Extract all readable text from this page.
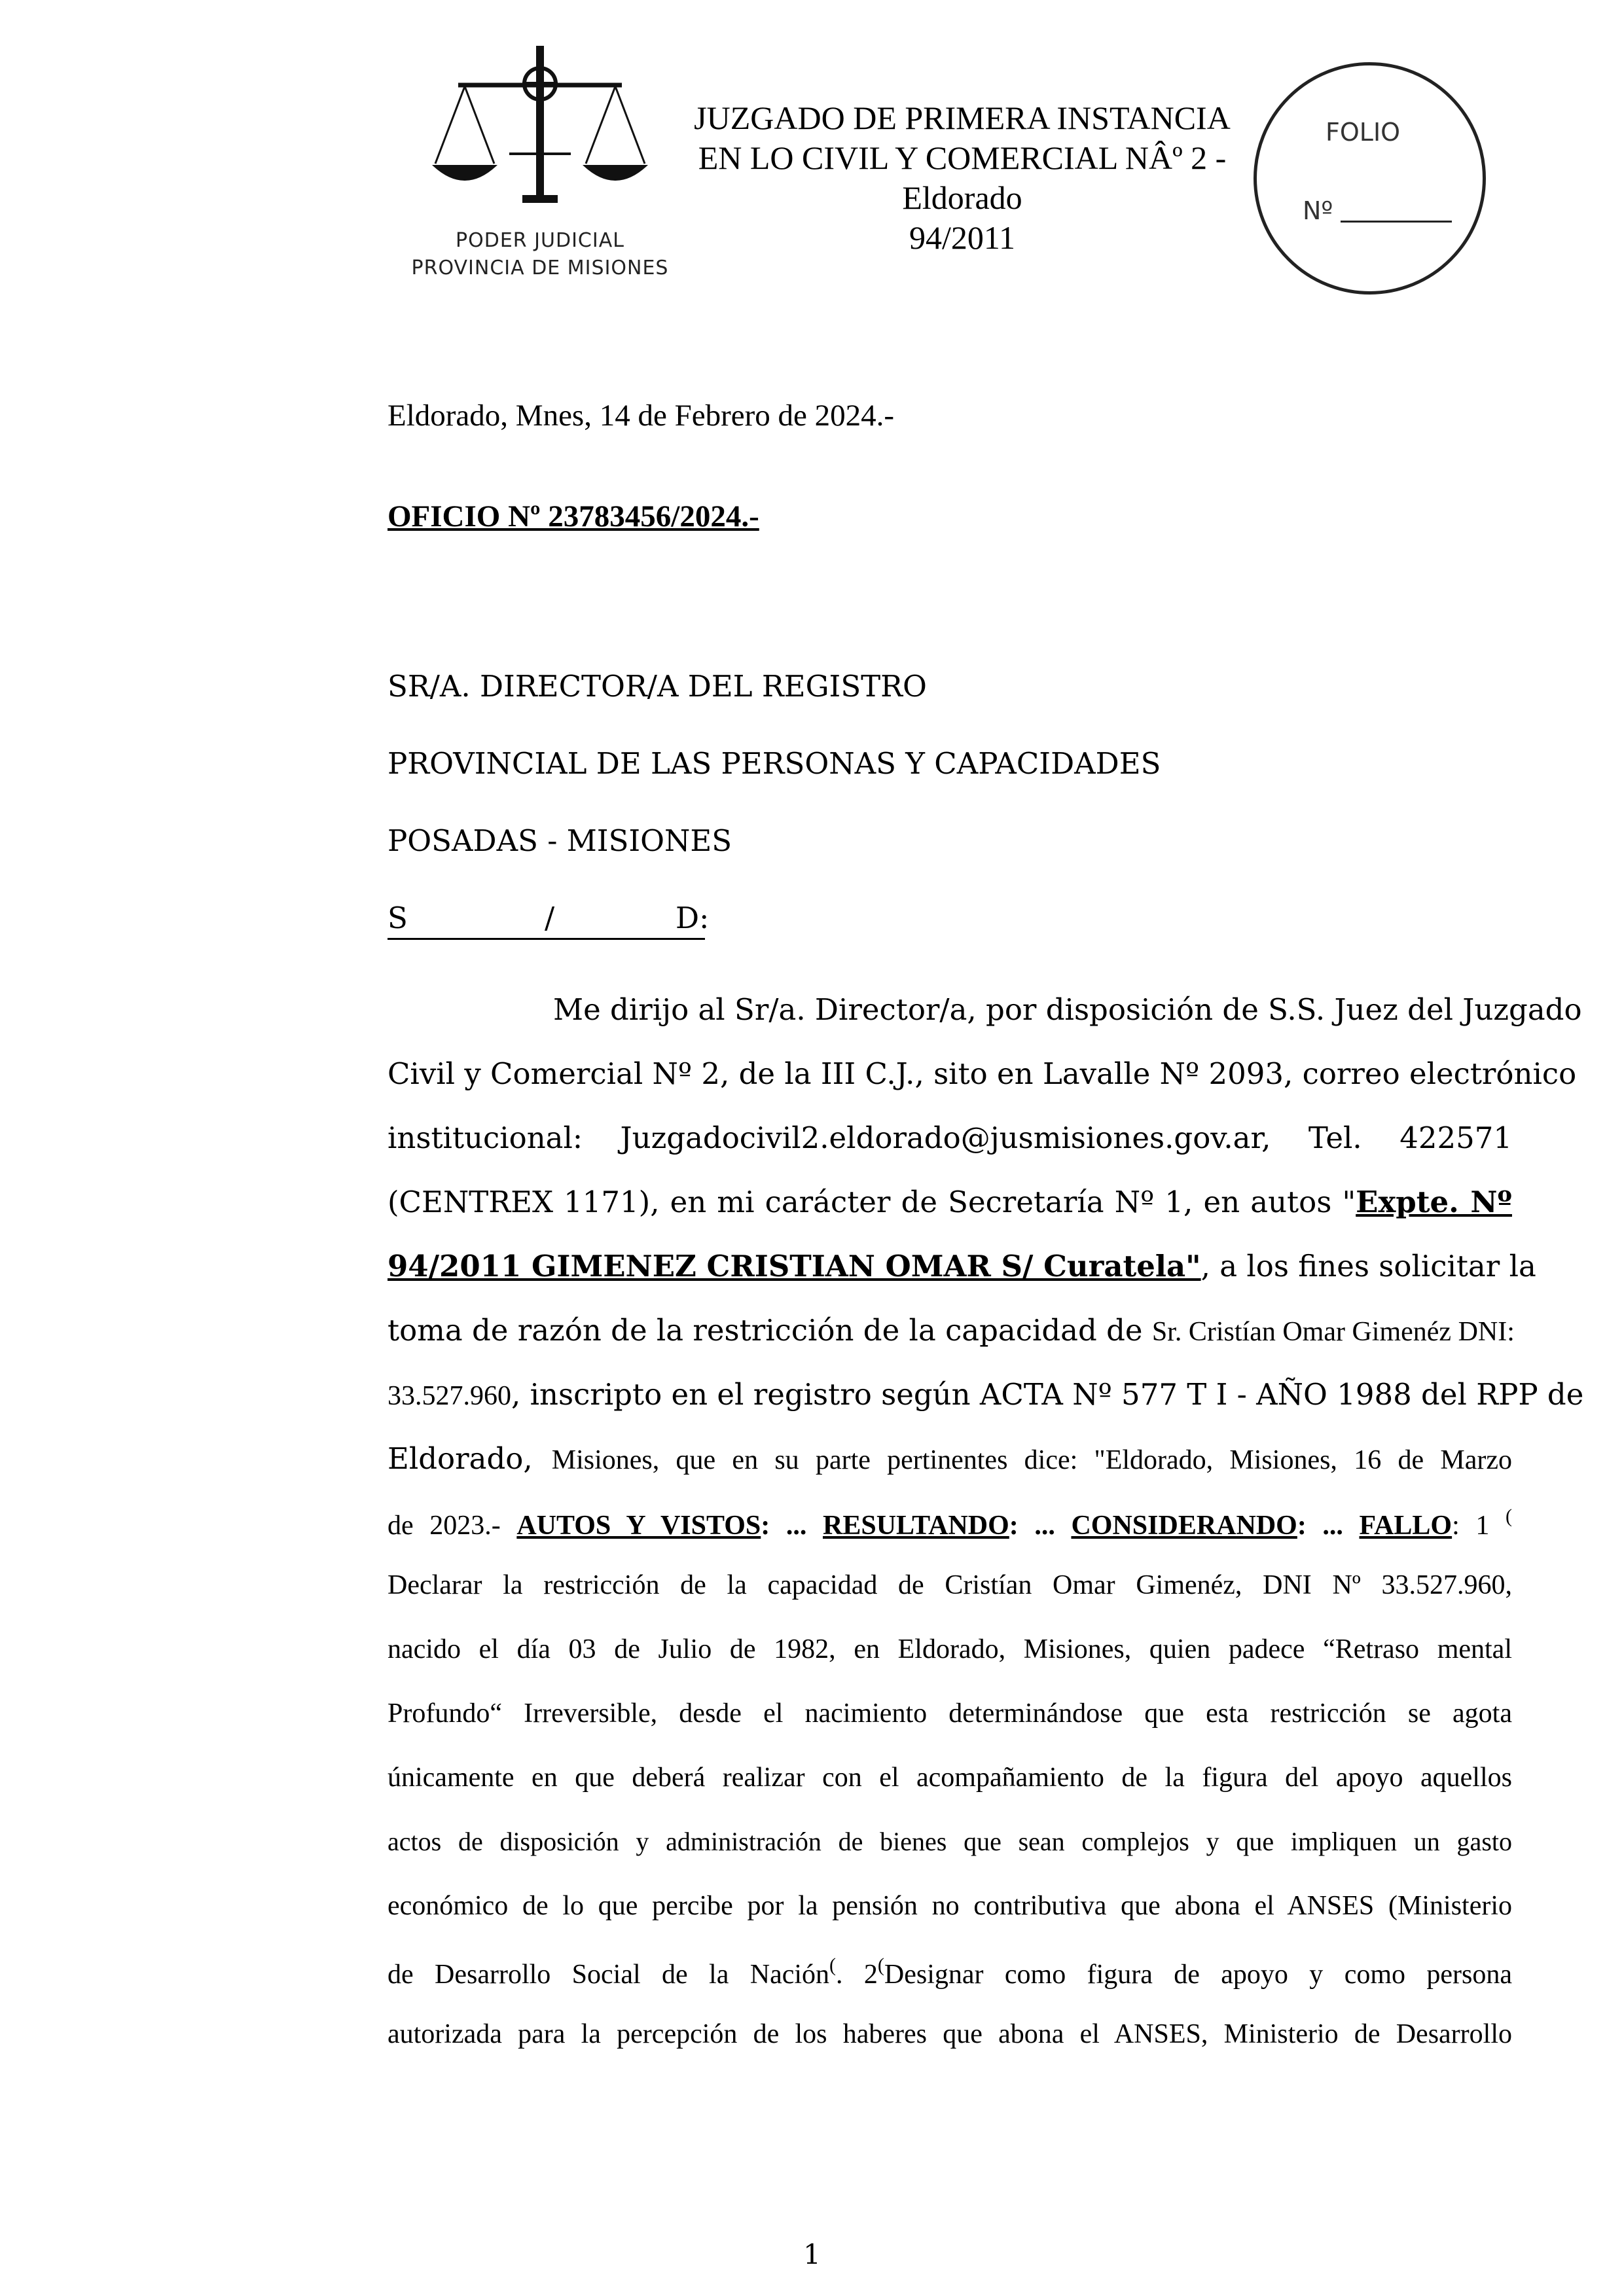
PODER JUDICIAL
PROVINCIA DE MISIONES
JUZGADO DE PRIMERA INSTANCIA
EN LO CIVIL Y COMERCIAL NÂº 2 -
Eldorado
94/2011
FOLIO
Nº
Eldorado, Mnes, 14 de Febrero de 2024.-
OFICIO Nº 23783456/2024.-
SR/A. DIRECTOR/A DEL REGISTRO
PROVINCIAL DE LAS PERSONAS Y CAPACIDADES
POSADAS - MISIONES
S	/	D:
Me dirijo al Sr/a. Director/a, por disposición de S.S. Juez del Juzgado
Civil y Comercial Nº 2, de la III C.J., sito en Lavalle Nº 2093, correo electrónico
institucional: Juzgadocivil2.eldorado@jusmisiones.gov.ar, Tel. 422571
(CENTREX 1171), en mi carácter de Secretaría Nº 1, en autos "Expte. Nº
94/2011 GIMENEZ CRISTIAN OMAR S/ Curatela", a los fines solicitar la
toma de razón de la restricción de la capacidad de Sr. Cristían Omar Gimenéz DNI:
33.527.960, inscripto en el registro según ACTA Nº 577 T I - AÑO 1988 del RPP de
Eldorado, Misiones, que en su parte pertinentes dice: "Eldorado, Misiones, 16 de Marzo
de 2023.- AUTOS Y VISTOS: ... RESULTANDO: ... CONSIDERANDO: ... FALLO: 1 (
Declarar la restricción de la capacidad de Cristían Omar Gimenéz, DNI Nº 33.527.960,
nacido el día 03 de Julio de 1982, en Eldorado, Misiones, quien padece “Retraso mental
Profundo“ Irreversible, desde el nacimiento determinándose que esta restricción se agota
únicamente en que deberá realizar con el acompañamiento de la figura del apoyo aquellos
actos de disposición y administración de bienes que sean complejos y que impliquen un gasto
económico de lo que percibe por la pensión no contributiva que abona el ANSES (Ministerio
de Desarrollo Social de la Nación(. 2(Designar como figura de apoyo y como persona
autorizada para la percepción de los haberes que abona el ANSES, Ministerio de Desarrollo
1
